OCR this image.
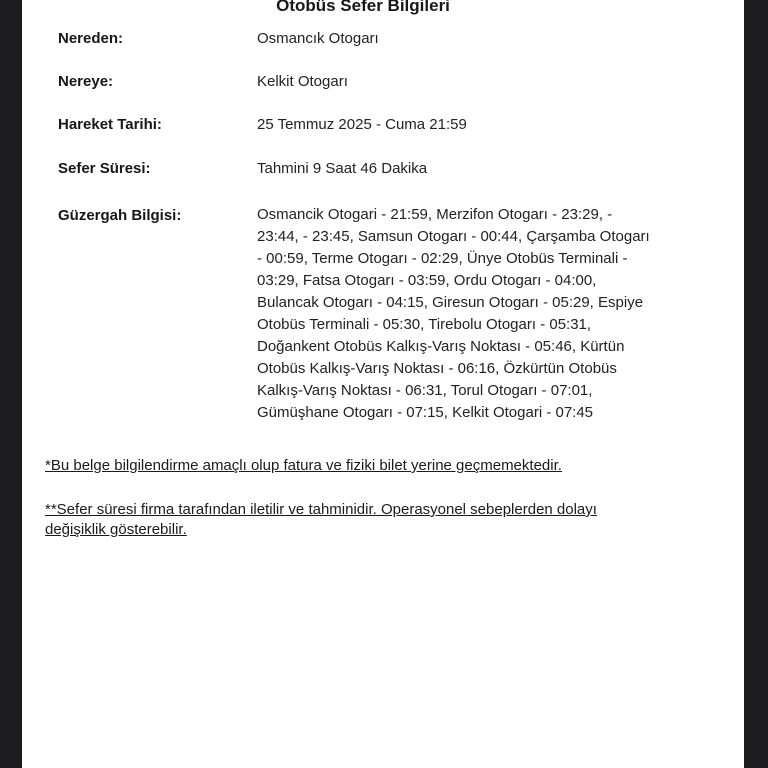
Otobüs Sefer Bilgileri
Nereden:	Osmancık Otogarı
Nereye:	Kelkit Otogarı
Hareket Tarihi:	25 Temmuz 2025 - Cuma 21:59
Sefer Süresi:	Tahmini 9 Saat 46 Dakika
Güzergah Bilgisi:	Osmancik Otogari - 21:59, Merzifon Otogarı - 23:29, -
23:44, - 23:45, Samsun Otogarı - 00:44, Çarşamba Otogarı
- 00:59, Terme Otogarı - 02:29, Ünye Otobüs Terminali -
03:29, Fatsa Otogarı - 03:59, Ordu Otogarı - 04:00,
Bulancak Otogarı - 04:15, Giresun Otogarı - 05:29, Espiye
Otobüs Terminali - 05:30, Tirebolu Otogarı - 05:31,
Doğankent Otobüs Kalkış-Varış Noktası - 05:46, Kürtün
Otobüs Kalkış-Varış Noktası - 06:16, Özkürtün Otobüs
Kalkış-Varış Noktası - 06:31, Torul Otogarı - 07:01,
Gümüşhane Otogarı - 07:15, Kelkit Otogari - 07:45
*Bu belge bilgilendirme amaçlı olup fatura ve fiziki bilet yerine geçmemektedir.
**Sefer süresi firma tarafından iletilir ve tahminidir. Operasyonel sebeplerden dolayı
değişiklik gösterebilir.
